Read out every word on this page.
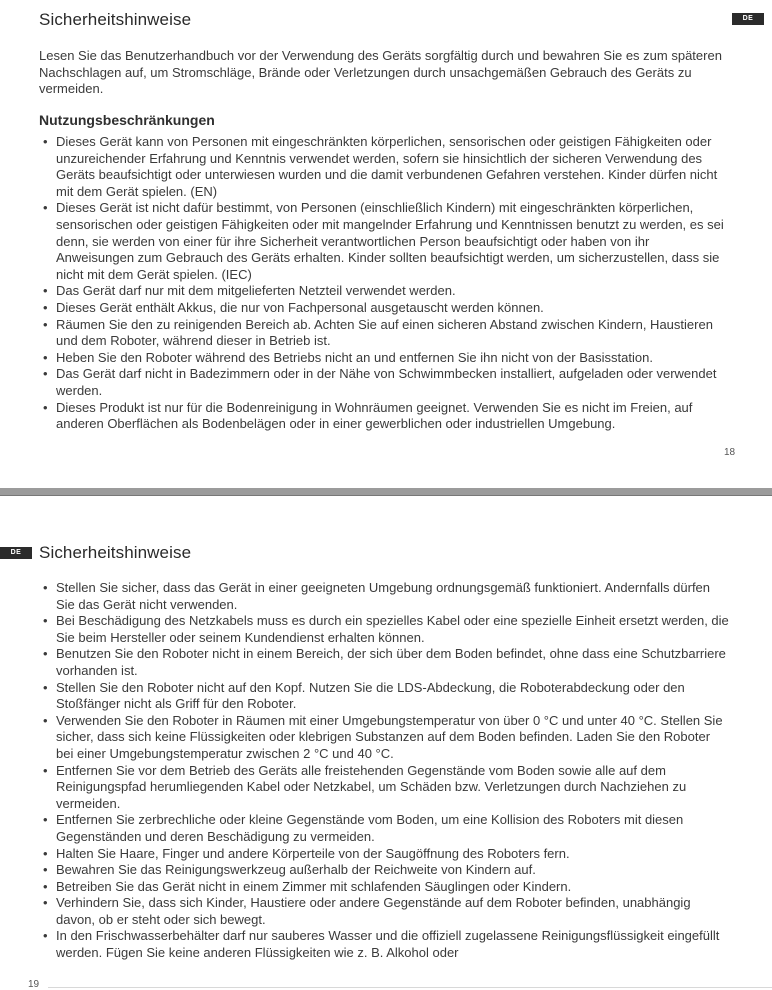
Sicherheitshinweise	DE

Lesen Sie das Benutzerhandbuch vor der Verwendung des Geräts sorgfältig durch und bewahren Sie es zum späteren Nachschlagen auf, um Stromschläge, Brände oder Verletzungen durch unsachgemäßen Gebrauch des Geräts zu vermeiden.

Nutzungsbeschränkungen
• Dieses Gerät kann von Personen mit eingeschränkten körperlichen, sensorischen oder geistigen Fähigkeiten oder unzureichender Erfahrung und Kenntnis verwendet werden, sofern sie hinsichtlich der sicheren Verwendung des Geräts beaufsichtigt oder unterwiesen wurden und die damit verbundenen Gefahren verstehen. Kinder dürfen nicht mit dem Gerät spielen. (EN)
• Dieses Gerät ist nicht dafür bestimmt, von Personen (einschließlich Kindern) mit eingeschränkten körperlichen, sensorischen oder geistigen Fähigkeiten oder mit mangelnder Erfahrung und Kenntnissen benutzt zu werden, es sei denn, sie werden von einer für ihre Sicherheit verantwortlichen Person beaufsichtigt oder haben von ihr Anweisungen zum Gebrauch des Geräts erhalten. Kinder sollten beaufsichtigt werden, um sicherzustellen, dass sie nicht mit dem Gerät spielen. (IEC)
• Das Gerät darf nur mit dem mitgelieferten Netzteil verwendet werden.
• Dieses Gerät enthält Akkus, die nur von Fachpersonal ausgetauscht werden können.
• Räumen Sie den zu reinigenden Bereich ab. Achten Sie auf einen sicheren Abstand zwischen Kindern, Haustieren und dem Roboter, während dieser in Betrieb ist.
• Heben Sie den Roboter während des Betriebs nicht an und entfernen Sie ihn nicht von der Basisstation.
• Das Gerät darf nicht in Badezimmern oder in der Nähe von Schwimmbecken installiert, aufgeladen oder verwendet werden.
• Dieses Produkt ist nur für die Bodenreinigung in Wohnräumen geeignet. Verwenden Sie es nicht im Freien, auf anderen Oberflächen als Bodenbelägen oder in einer gewerblichen oder industriellen Umgebung.
18
DE	Sicherheitshinweise
• Stellen Sie sicher, dass das Gerät in einer geeigneten Umgebung ordnungsgemäß funktioniert. Andernfalls dürfen Sie das Gerät nicht verwenden.
• Bei Beschädigung des Netzkabels muss es durch ein spezielles Kabel oder eine spezielle Einheit ersetzt werden, die Sie beim Hersteller oder seinem Kundendienst erhalten können.
• Benutzen Sie den Roboter nicht in einem Bereich, der sich über dem Boden befindet, ohne dass eine Schutzbarriere vorhanden ist.
• Stellen Sie den Roboter nicht auf den Kopf. Nutzen Sie die LDS-Abdeckung, die Roboterabdeckung oder den Stoßfänger nicht als Griff für den Roboter.
• Verwenden Sie den Roboter in Räumen mit einer Umgebungstemperatur von über 0 °C und unter 40 °C. Stellen Sie sicher, dass sich keine Flüssigkeiten oder klebrigen Substanzen auf dem Boden befinden. Laden Sie den Roboter bei einer Umgebungstemperatur zwischen 2 °C und 40 °C.
• Entfernen Sie vor dem Betrieb des Geräts alle freistehenden Gegenstände vom Boden sowie alle auf dem Reinigungspfad herumliegenden Kabel oder Netzkabel, um Schäden bzw. Verletzungen durch Nachziehen zu vermeiden.
• Entfernen Sie zerbrechliche oder kleine Gegenstände vom Boden, um eine Kollision des Roboters mit diesen Gegenständen und deren Beschädigung zu vermeiden.
• Halten Sie Haare, Finger und andere Körperteile von der Saugöffnung des Roboters fern.
• Bewahren Sie das Reinigungswerkzeug außerhalb der Reichweite von Kindern auf.
• Betreiben Sie das Gerät nicht in einem Zimmer mit schlafenden Säuglingen oder Kindern.
• Verhindern Sie, dass sich Kinder, Haustiere oder andere Gegenstände auf dem Roboter befinden, unabhängig davon, ob er steht oder sich bewegt.
• In den Frischwasserbehälter darf nur sauberes Wasser und die offiziell zugelassene Reinigungsflüssigkeit eingefüllt werden. Fügen Sie keine anderen Flüssigkeiten wie z. B. Alkohol oder
19
